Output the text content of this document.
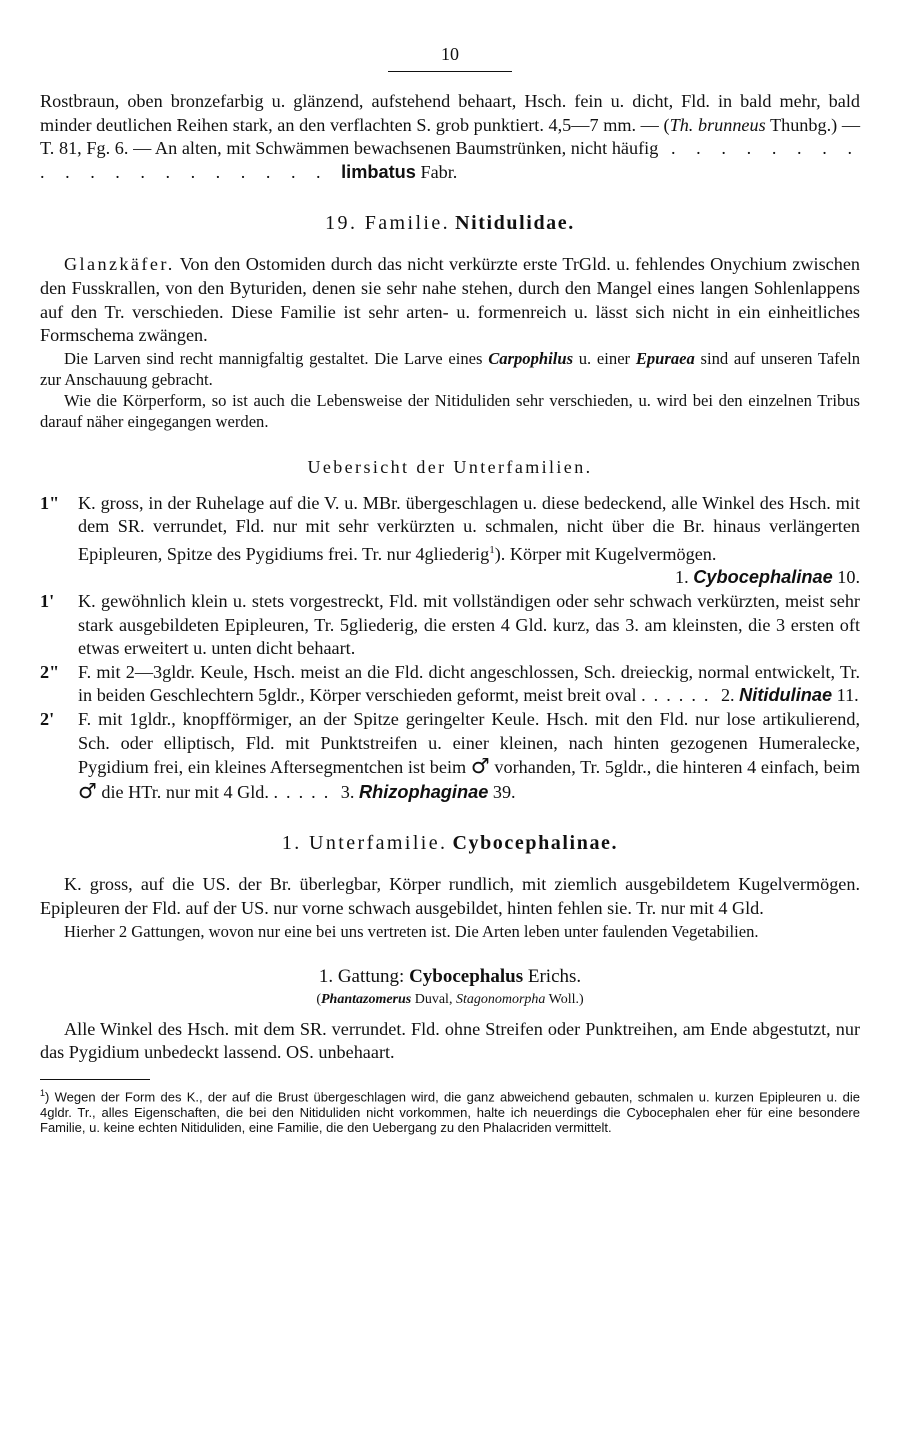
10

Rostbraun, oben bronzefarbig u. glänzend, aufstehend behaart, Hsch. fein u. dicht, Fld. in bald mehr, bald minder deutlichen Reihen stark, an den verflachten S. grob punktiert. 4,5—7 mm. — (Th. brunneus Thunbg.) — T. 81, Fg. 6. — An alten, mit Schwämmen bewachsenen Baumstrünken, nicht häufig . . . . . . . . . . . . . . . . . . . . limbatus Fabr.

19. Familie. Nitidulidae.

Glanzkäfer. Von den Ostomiden durch das nicht verkürzte erste TrGld. u. fehlendes Onychium zwischen den Fusskrallen, von den Byturiden, denen sie sehr nahe stehen, durch den Mangel eines langen Sohlenlappens auf den Tr. verschieden. Diese Familie ist sehr arten- u. formenreich u. lässt sich nicht in ein einheitliches Formschema zwängen.

Die Larven sind recht mannigfaltig gestaltet. Die Larve eines Carpophilus u. einer Epuraea sind auf unseren Tafeln zur Anschauung gebracht.

Wie die Körperform, so ist auch die Lebensweise der Nitiduliden sehr verschieden, u. wird bei den einzelnen Tribus darauf näher eingegangen werden.

Uebersicht der Unterfamilien.
1"	K. gross, in der Ruhelage auf die V. u. MBr. übergeschlagen u. diese bedeckend, alle Winkel des Hsch. mit dem SR. verrundet, Fld. nur mit sehr verkürzten u. schmalen, nicht über die Br. hinaus verlängerten Epipleuren, Spitze des Pygidiums frei. Tr. nur 4gliederig$^1$). Körper mit Kugelvermögen.
1. Cybocephalinae 10.
1'	K. gewöhnlich klein u. stets vorgestreckt, Fld. mit vollständigen oder sehr schwach verkürzten, meist sehr stark ausgebildeten Epipleuren, Tr. 5gliederig, die ersten 4 Gld. kurz, das 3. am kleinsten, die 3 ersten oft etwas erweitert u. unten dicht behaart.
2"	F. mit 2—3gldr. Keule, Hsch. meist an die Fld. dicht angeschlossen, Sch. dreieckig, normal entwickelt, Tr. in beiden Geschlechtern 5gldr., Körper verschieden geformt, meist breit oval ...... 2. Nitidulinae 11.
2'	F. mit 1gldr., knopfförmiger, an der Spitze geringelter Keule. Hsch. mit den Fld. nur lose artikulierend, Sch. oder elliptisch, Fld. mit Punktstreifen u. einer kleinen, nach hinten gezogenen Humeralecke, Pygidium frei, ein kleines Aftersegmentchen ist beim ♂ vorhanden, Tr. 5gldr., die hinteren 4 einfach, beim ♂ die HTr. nur mit 4 Gld. ..... 3. Rhizophaginae 39.
1. Unterfamilie. Cybocephalinae.

K. gross, auf die US. der Br. überlegbar, Körper rundlich, mit ziemlich ausgebildetem Kugelvermögen. Epipleuren der Fld. auf der US. nur vorne schwach ausgebildet, hinten fehlen sie. Tr. nur mit 4 Gld.

Hierher 2 Gattungen, wovon nur eine bei uns vertreten ist. Die Arten leben unter faulenden Vegetabilien.

1. Gattung: Cybocephalus Erichs.
(Phantazomerus Duval, Stagonomorpha Woll.)

Alle Winkel des Hsch. mit dem SR. verrundet. Fld. ohne Streifen oder Punktreihen, am Ende abgestutzt, nur das Pygidium unbedeckt lassend. OS. unbehaart.

$^1$) Wegen der Form des K., der auf die Brust übergeschlagen wird, die ganz abweichend gebauten, schmalen u. kurzen Epipleuren u. die 4gldr. Tr., alles Eigenschaften, die bei den Nitiduliden nicht vorkommen, halte ich neuerdings die Cybocephalen eher für eine besondere Familie, u. keine echten Nitiduliden, eine Familie, die den Uebergang zu den Phalacriden vermittelt.
